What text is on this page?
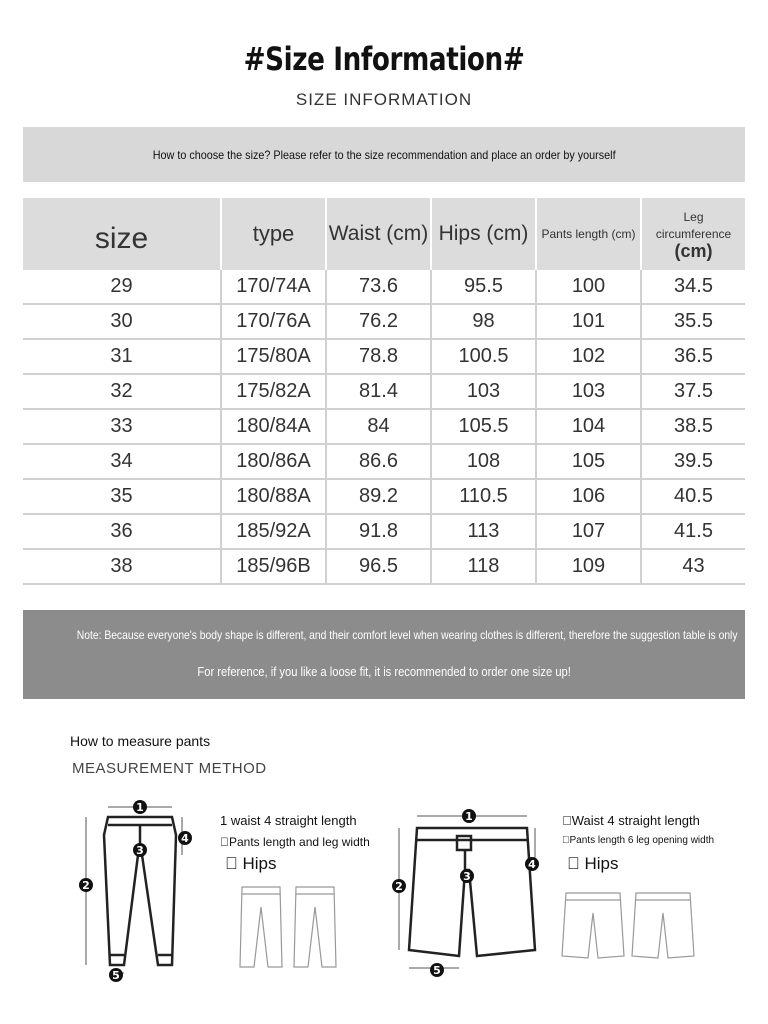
#Size Information#
SIZE INFORMATION
How to choose the size? Please refer to the size recommendation and place an order by yourself
size	type	Waist (cm)	Hips (cm)	Pants length (cm)	Leg
circumference
(cm)

29	170/74A	73.6	95.5	100	34.5
30	170/76A	76.2	98	101	35.5
31	175/80A	78.8	100.5	102	36.5
32	175/82A	81.4	103	103	37.5
33	180/84A	84	105.5	104	38.5
34	180/86A	86.6	108	105	39.5
35	180/88A	89.2	110.5	106	40.5
36	185/92A	91.8	113	107	41.5
38	185/96B	96.5	118	109	43
Note: Because everyone's body shape is different, and their comfort level when wearing clothes is different, therefore the suggestion table is only
For reference, if you like a loose fit, it is recommended to order one size up!
How to measure pants
MEASUREMENT METHOD
1
2
3
4
5
1 waist 4 straight length
 Pants length and leg width
  Hips
1
2
3
4
5
 Waist 4 straight length
 Pants length 6 leg opening width
  Hips
